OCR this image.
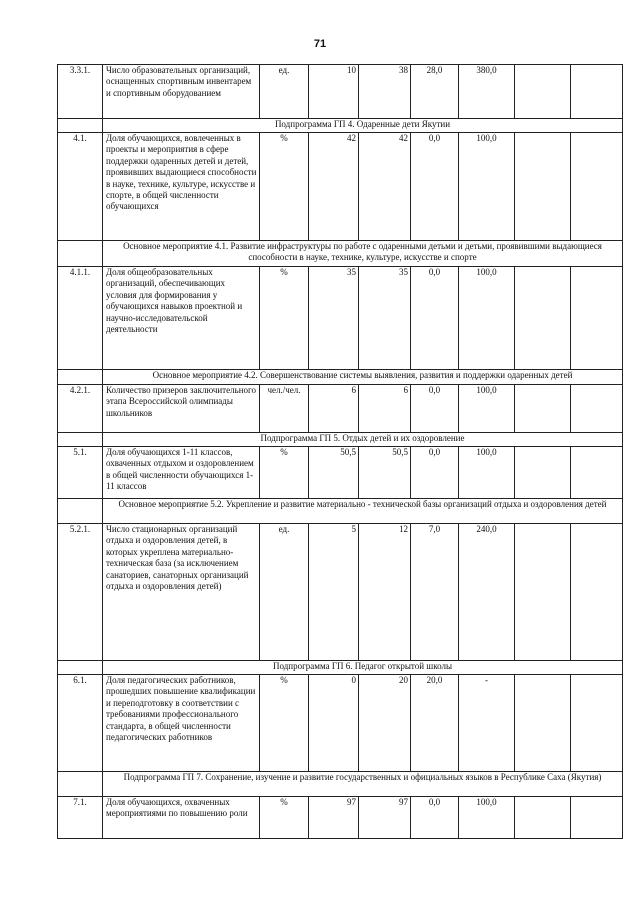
71
3.3.1.	Число образовательных организаций, оснащенных спортивным инвентарем и спортивным оборудованием	ед.	10	38	28,0	380,0		
	Подпрограмма ГП 4. Одаренные дети Якутии							
4.1.	Доля обучающихся, вовлеченных в проекты и мероприятия в сфере поддержки одаренных детей и детей, проявивших выдающиеся способности в науке, технике, культуре, искусстве и спорте, в общей численности обучающихся	%	42	42	0,0	100,0		
	Основное мероприятие 4.1. Развитие инфраструктуры по работе с одаренными детьми и детьми, проявившими выдающиеся способности в науке, технике, культуре, искусстве и спорте							
4.1.1.	Доля общеобразовательных организаций, обеспечивающих условия для формирования у обучающихся навыков проектной и научно-исследовательской деятельности	%	35	35	0,0	100,0		
	Основное мероприятие 4.2. Совершенствование системы выявления, развития и поддержки одаренных детей							
4.2.1.	Количество призеров заключительного этапа Всероссийской олимпиады школьников	чел./чел.	6	6	0,0	100,0		
	Подпрограмма ГП 5. Отдых детей и их оздоровление							
5.1.	Доля обучающихся 1-11 классов, охваченных отдыхом и оздоровлением в общей численности обучающихся 1-11 классов	%	50,5	50,5	0,0	100,0		
	Основное мероприятие 5.2. Укрепление и развитие материально - технической базы организаций отдыха и оздоровления детей							
5.2.1.	Число стационарных организаций отдыха и оздоровления детей, в которых укреплена материально-техническая база (за исключением санаториев, санаторных организаций отдыха и оздоровления детей)	ед.	5	12	7,0	240,0		
	Подпрограмма ГП 6. Педагог открытой школы							
6.1.	Доля педагогических работников, прошедших повышение квалификации и переподготовку в соответствии с требованиями профессионального стандарта, в общей численности педагогических работников	%	0	20	20,0	-		
	Подпрограмма ГП 7. Сохранение, изучение и развитие государственных и официальных языков в Республике Саха (Якутия)							
7.1.	Доля обучающихся, охваченных мероприятиями по повышению роли	%	97	97	0,0	100,0		
